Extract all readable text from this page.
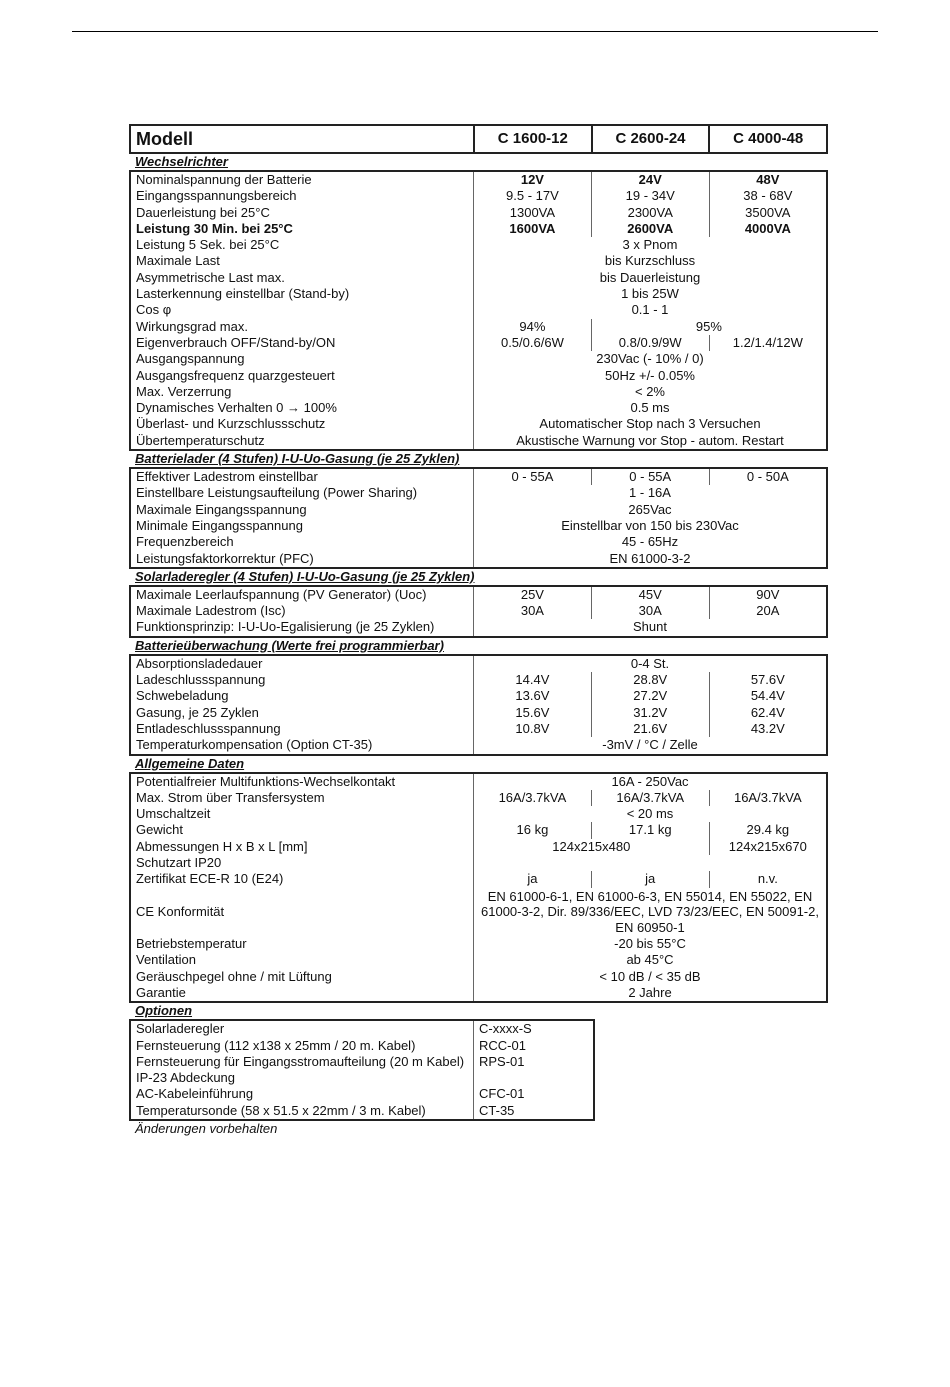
Modell	C 1600-12	C 2600-24	C 4000-48
Wechselrichter
Nominalspannung der Batterie	12V	24V	48V
Eingangsspannungsbereich	9.5 - 17V	19 - 34V	38 - 68V
Dauerleistung bei 25°C	1300VA	2300VA	3500VA
Leistung 30 Min. bei 25°C	1600VA	2600VA	4000VA
Leistung 5 Sek. bei 25°C	3 x Pnom		
Maximale Last	bis Kurzschluss		
Asymmetrische Last max.	bis Dauerleistung		
Lasterkennung einstellbar (Stand-by)	1 bis 25W		
Cos φ	0.1 - 1		
Wirkungsgrad max.	94%	95%	
Eigenverbrauch OFF/Stand-by/ON	0.5/0.6/6W	0.8/0.9/9W	1.2/1.4/12W
Ausgangspannung	230Vac (- 10% / 0)		
Ausgangsfrequenz quarzgesteuert	50Hz +/- 0.05%		
Max. Verzerrung	< 2%		
Dynamisches Verhalten 0 → 100%	0.5 ms		
Überlast- und Kurzschlussschutz	Automatischer Stop nach 3 Versuchen		
Übertemperaturschutz	Akustische Warnung vor Stop - autom. Restart		
Batterielader (4 Stufen) I-U-Uo-Gasung (je 25 Zyklen)
Effektiver Ladestrom einstellbar	0 - 55A	0 - 55A	0 - 50A
Einstellbare Leistungsaufteilung (Power Sharing)	1 - 16A		
Maximale Eingangsspannung	265Vac		
Minimale Eingangsspannung	Einstellbar von 150 bis 230Vac		
Frequenzbereich	45 - 65Hz		
Leistungsfaktorkorrektur (PFC)	EN 61000-3-2		
Solarladeregler (4 Stufen) I-U-Uo-Gasung (je 25 Zyklen)
Maximale Leerlaufspannung (PV Generator) (Uoc)	25V	45V	90V
Maximale Ladestrom (Isc)	30A	30A	20A
Funktionsprinzip: I-U-Uo-Egalisierung (je 25 Zyklen)	Shunt		
Batterieüberwachung (Werte frei programmierbar)
Absorptionsladedauer	0-4 St.		
Ladeschlussspannung	14.4V	28.8V	57.6V
Schwebeladung	13.6V	27.2V	54.4V
Gasung, je 25 Zyklen	15.6V	31.2V	62.4V
Entladeschlussspannung	10.8V	21.6V	43.2V
Temperaturkompensation (Option CT-35)	-3mV / °C / Zelle		
Allgemeine Daten
Potentialfreier Multifunktions-Wechselkontakt	16A - 250Vac		
Max. Strom über Transfersystem	16A/3.7kVA	16A/3.7kVA	16A/3.7kVA
Umschaltzeit	< 20 ms		
Gewicht	16 kg	17.1 kg	29.4 kg
Abmessungen H x B x L [mm]	124x215x480		124x215x670
Schutzart IP20			
Zertifikat ECE-R 10 (E24)	ja	ja	n.v.
CE Konformität	EN 61000-6-1, EN 61000-6-3, EN 55014, EN 55022, EN 61000-3-2, Dir. 89/336/EEC, LVD 73/23/EEC, EN 50091-2, EN 60950-1		
Betriebstemperatur	-20 bis 55°C		
Ventilation	ab 45°C		
Geräuschpegel ohne / mit Lüftung	< 10 dB / < 35 dB		
Garantie	2 Jahre		
Optionen
Solarladeregler	C-xxxx-S
Fernsteuerung (112 x138 x 25mm / 20 m. Kabel)	RCC-01
Fernsteuerung für Eingangsstromaufteilung (20 m Kabel)	RPS-01
IP-23 Abdeckung	
AC-Kabeleinführung	CFC-01
Temperatursonde (58 x 51.5 x 22mm / 3 m. Kabel)	CT-35
Änderungen vorbehalten
